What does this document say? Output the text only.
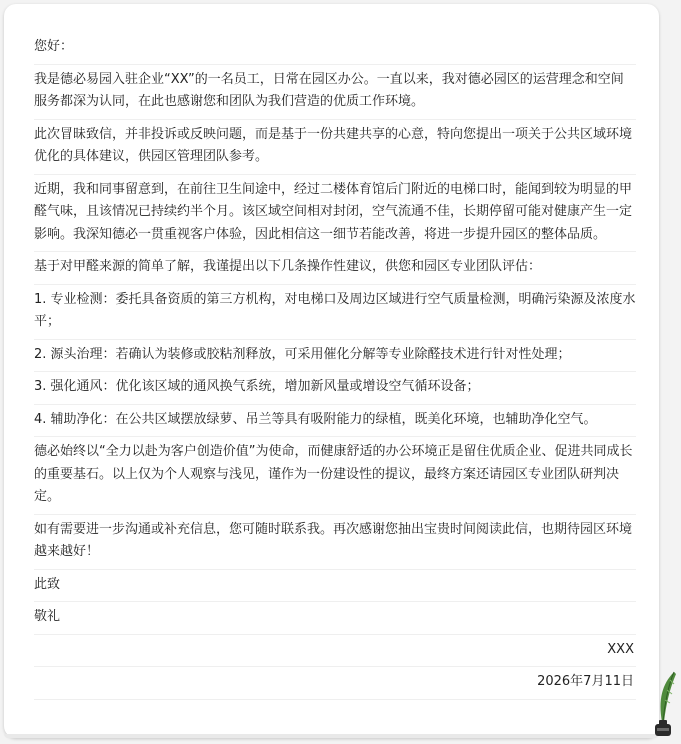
您好：

我是德必易园入驻企业“XX”的一名员工，日常在园区办公。一直以来，我对德必园区的运营理念和空间服务都深为认同，在此也感谢您和团队为我们营造的优质工作环境。

此次冒昧致信，并非投诉或反映问题，而是基于一份共建共享的心意，特向您提出一项关于公共区域环境优化的具体建议，供园区管理团队参考。

近期，我和同事留意到，在前往卫生间途中，经过二楼体育馆后门附近的电梯口时，能闻到较为明显的甲醛气味，且该情况已持续约半个月。该区域空间相对封闭，空气流通不佳，长期停留可能对健康产生一定影响。我深知德必一贯重视客户体验，因此相信这一细节若能改善，将进一步提升园区的整体品质。

基于对甲醛来源的简单了解，我谨提出以下几条操作性建议，供您和园区专业团队评估：

1. 专业检测：委托具备资质的第三方机构，对电梯口及周边区域进行空气质量检测，明确污染源及浓度水平；

2. 源头治理：若确认为装修或胶粘剂释放，可采用催化分解等专业除醛技术进行针对性处理；

3. 强化通风：优化该区域的通风换气系统，增加新风量或增设空气循环设备；

4. 辅助净化：在公共区域摆放绿萝、吊兰等具有吸附能力的绿植，既美化环境，也辅助净化空气。

德必始终以“全力以赴为客户创造价值”为使命，而健康舒适的办公环境正是留住优质企业、促进共同成长的重要基石。以上仅为个人观察与浅见，谨作为一份建设性的提议，最终方案还请园区专业团队研判决定。

如有需要进一步沟通或补充信息，您可随时联系我。再次感谢您抽出宝贵时间阅读此信，也期待园区环境越来越好！

此致

敬礼

XXX

2026年7月11日
